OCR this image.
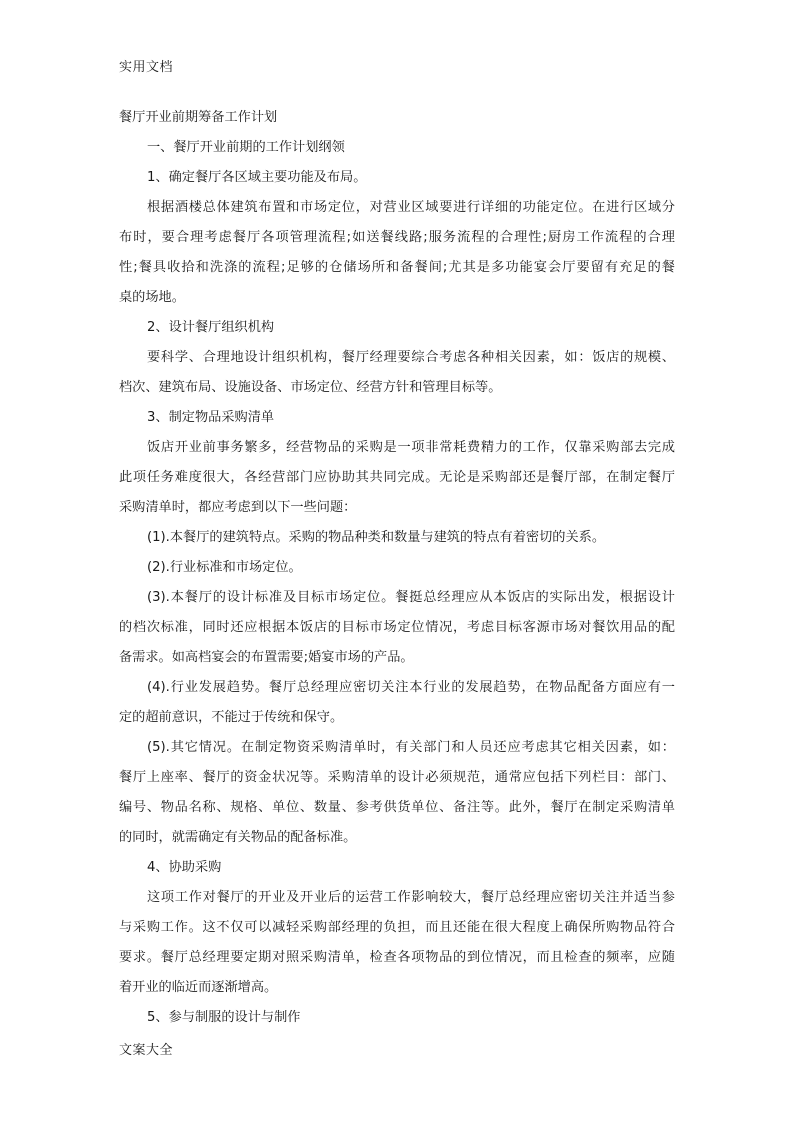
实用文档
餐厅开业前期筹备工作计划
一、餐厅开业前期的工作计划纲领
1、确定餐厅各区域主要功能及布局。
根据酒楼总体建筑布置和市场定位，对营业区域要进行详细的功能定位。在进行区域分
布时，要合理考虑餐厅各项管理流程;如送餐线路;服务流程的合理性;厨房工作流程的合理
性;餐具收拾和洗涤的流程;足够的仓储场所和备餐间;尤其是多功能宴会厅要留有充足的餐
桌的场地。
2、设计餐厅组织机构
要科学、合理地设计组织机构，餐厅经理要综合考虑各种相关因素，如：饭店的规模、
档次、建筑布局、设施设备、市场定位、经营方针和管理目标等。
3、制定物品采购清单
饭店开业前事务繁多，经营物品的采购是一项非常耗费精力的工作，仅靠采购部去完成
此项任务难度很大，各经营部门应协助其共同完成。无论是采购部还是餐厅部，在制定餐厅
采购清单时，都应考虑到以下一些问题：
(1).本餐厅的建筑特点。采购的物品种类和数量与建筑的特点有着密切的关系。
(2).行业标准和市场定位。
(3).本餐厅的设计标准及目标市场定位。餐挺总经理应从本饭店的实际出发，根据设计
的档次标准，同时还应根据本饭店的目标市场定位情况，考虑目标客源市场对餐饮用品的配
备需求。如高档宴会的布置需要;婚宴市场的产品。
(4).行业发展趋势。餐厅总经理应密切关注本行业的发展趋势，在物品配备方面应有一
定的超前意识，不能过于传统和保守。
(5).其它情况。在制定物资采购清单时，有关部门和人员还应考虑其它相关因素，如：
餐厅上座率、餐厅的资金状况等。采购清单的设计必须规范，通常应包括下列栏目：部门、
编号、物品名称、规格、单位、数量、参考供货单位、备注等。此外，餐厅在制定采购清单
的同时，就需确定有关物品的配备标准。
4、协助采购
这项工作对餐厅的开业及开业后的运营工作影响较大，餐厅总经理应密切关注并适当参
与采购工作。这不仅可以减轻采购部经理的负担，而且还能在很大程度上确保所购物品符合
要求。餐厅总经理要定期对照采购清单，检查各项物品的到位情况，而且检查的频率，应随
着开业的临近而逐渐增高。
5、参与制服的设计与制作
文案大全
